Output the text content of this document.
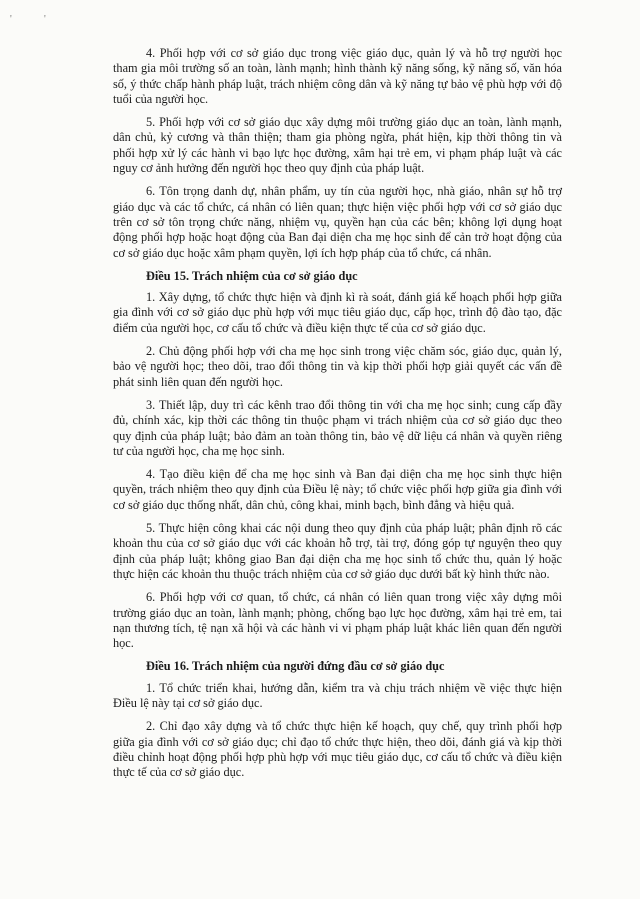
'	'

4. Phối hợp với cơ sở giáo dục trong việc giáo dục, quản lý và hỗ trợ người học tham gia môi trường số an toàn, lành mạnh; hình thành kỹ năng sống, kỹ năng số, văn hóa số, ý thức chấp hành pháp luật, trách nhiệm công dân và kỹ năng tự bảo vệ phù hợp với độ tuổi của người học.

5. Phối hợp với cơ sở giáo dục xây dựng môi trường giáo dục an toàn, lành mạnh, dân chủ, kỷ cương và thân thiện; tham gia phòng ngừa, phát hiện, kịp thời thông tin và phối hợp xử lý các hành vi bạo lực học đường, xâm hại trẻ em, vi phạm pháp luật và các nguy cơ ảnh hưởng đến người học theo quy định của pháp luật.

6. Tôn trọng danh dự, nhân phẩm, uy tín của người học, nhà giáo, nhân sự hỗ trợ giáo dục và các tổ chức, cá nhân có liên quan; thực hiện việc phối hợp với cơ sở giáo dục trên cơ sở tôn trọng chức năng, nhiệm vụ, quyền hạn của các bên; không lợi dụng hoạt động phối hợp hoặc hoạt động của Ban đại diện cha mẹ học sinh để cản trở hoạt động của cơ sở giáo dục hoặc xâm phạm quyền, lợi ích hợp pháp của tổ chức, cá nhân.

Điều 15. Trách nhiệm của cơ sở giáo dục

1. Xây dựng, tổ chức thực hiện và định kì rà soát, đánh giá kế hoạch phối hợp giữa gia đình với cơ sở giáo dục phù hợp với mục tiêu giáo dục, cấp học, trình độ đào tạo, đặc điểm của người học, cơ cấu tổ chức và điều kiện thực tế của cơ sở giáo dục.

2. Chủ động phối hợp với cha mẹ học sinh trong việc chăm sóc, giáo dục, quản lý, bảo vệ người học; theo dõi, trao đổi thông tin và kịp thời phối hợp giải quyết các vấn đề phát sinh liên quan đến người học.

3. Thiết lập, duy trì các kênh trao đổi thông tin với cha mẹ học sinh; cung cấp đầy đủ, chính xác, kịp thời các thông tin thuộc phạm vi trách nhiệm của cơ sở giáo dục theo quy định của pháp luật; bảo đảm an toàn thông tin, bảo vệ dữ liệu cá nhân và quyền riêng tư của người học, cha mẹ học sinh.

4. Tạo điều kiện để cha mẹ học sinh và Ban đại diện cha mẹ học sinh thực hiện quyền, trách nhiệm theo quy định của Điều lệ này; tổ chức việc phối hợp giữa gia đình với cơ sở giáo dục thống nhất, dân chủ, công khai, minh bạch, bình đẳng và hiệu quả.

5. Thực hiện công khai các nội dung theo quy định của pháp luật; phân định rõ các khoản thu của cơ sở giáo dục với các khoản hỗ trợ, tài trợ, đóng góp tự nguyện theo quy định của pháp luật; không giao Ban đại diện cha mẹ học sinh tổ chức thu, quản lý hoặc thực hiện các khoản thu thuộc trách nhiệm của cơ sở giáo dục dưới bất kỳ hình thức nào.

6. Phối hợp với cơ quan, tổ chức, cá nhân có liên quan trong việc xây dựng môi trường giáo dục an toàn, lành mạnh; phòng, chống bạo lực học đường, xâm hại trẻ em, tai nạn thương tích, tệ nạn xã hội và các hành vi vi phạm pháp luật khác liên quan đến người học.

Điều 16. Trách nhiệm của người đứng đầu cơ sở giáo dục

1. Tổ chức triển khai, hướng dẫn, kiểm tra và chịu trách nhiệm về việc thực hiện Điều lệ này tại cơ sở giáo dục.

2. Chỉ đạo xây dựng và tổ chức thực hiện kế hoạch, quy chế, quy trình phối hợp giữa gia đình với cơ sở giáo dục; chỉ đạo tổ chức thực hiện, theo dõi, đánh giá và kịp thời điều chỉnh hoạt động phối hợp phù hợp với mục tiêu giáo dục, cơ cấu tổ chức và điều kiện thực tế của cơ sở giáo dục.
